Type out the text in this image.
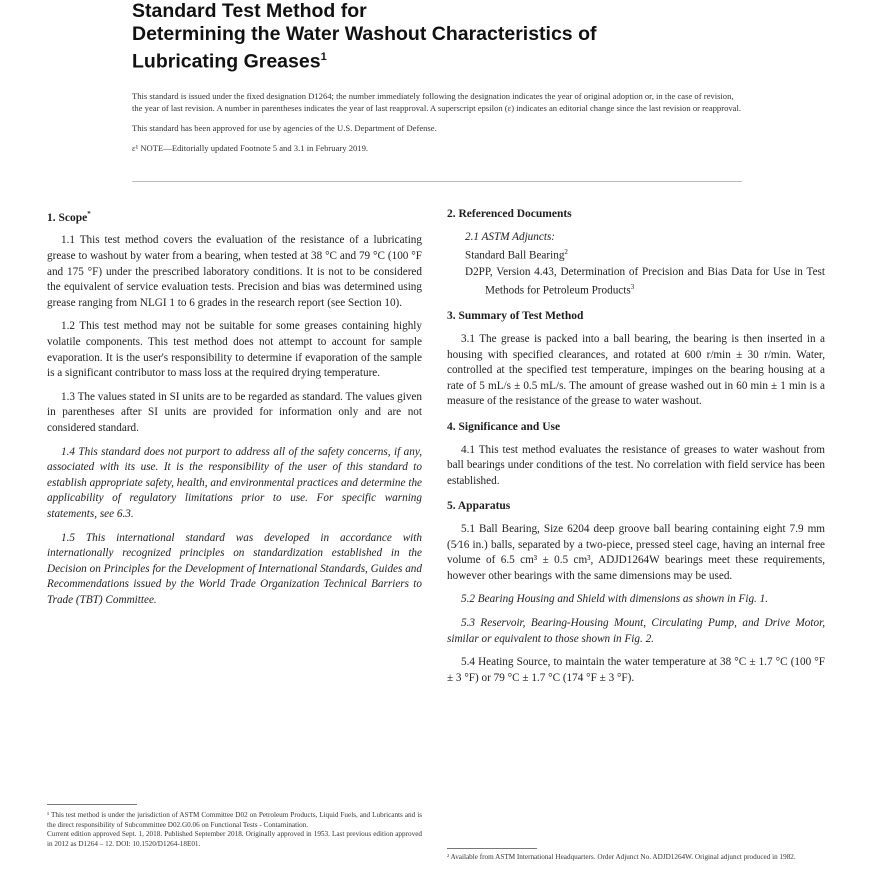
Standard Test Method for
Determining the Water Washout Characteristics of
Lubricating Greases$^1$

This standard is issued under the fixed designation D1264; the number immediately following the designation indicates the year of original adoption or, in the case of revision, the year of last revision. A number in parentheses indicates the year of last reapproval. A superscript epsilon (ε) indicates an editorial change since the last revision or reapproval.

This standard has been approved for use by agencies of the U.S. Department of Defense.

ε¹ NOTE—Editorially updated Footnote 5 and 3.1 in February 2019.

1. Scope*

1.1 This test method covers the evaluation of the resistance of a lubricating grease to washout by water from a bearing, when tested at 38 °C and 79 °C (100 °F and 175 °F) under the prescribed laboratory conditions. It is not to be considered the equivalent of service evaluation tests. Precision and bias was determined using grease ranging from NLGI 1 to 6 grades in the research report (see Section 10).

1.2 This test method may not be suitable for some greases containing highly volatile components. This test method does not attempt to account for sample evaporation. It is the user's responsibility to determine if evaporation of the sample is a significant contributor to mass loss at the required drying temperature.

1.3 The values stated in SI units are to be regarded as standard. The values given in parentheses after SI units are provided for information only and are not considered standard.

1.4 This standard does not purport to address all of the safety concerns, if any, associated with its use. It is the responsibility of the user of this standard to establish appropriate safety, health, and environmental practices and determine the applicability of regulatory limitations prior to use. For specific warning statements, see 6.3.

1.5 This international standard was developed in accordance with internationally recognized principles on standardization established in the Decision on Principles for the Development of International Standards, Guides and Recommendations issued by the World Trade Organization Technical Barriers to Trade (TBT) Committee.

¹ This test method is under the jurisdiction of ASTM Committee D02 on Petroleum Products, Liquid Fuels, and Lubricants and is the direct responsibility of Subcommittee D02.G0.06 on Functional Tests - Contamination.
Current edition approved Sept. 1, 2018. Published September 2018. Originally approved in 1953. Last previous edition approved in 2012 as D1264 – 12. DOI: 10.1520/D1264-18E01.
2. Referenced Documents

2.1 ASTM Adjuncts:

Standard Ball Bearing$^2$

D2PP, Version 4.43, Determination of Precision and Bias Data for Use in Test Methods for Petroleum Products$^3$

3. Summary of Test Method

3.1 The grease is packed into a ball bearing, the bearing is then inserted in a housing with specified clearances, and rotated at 600 r/min ± 30 r/min. Water, controlled at the specified test temperature, impinges on the bearing housing at a rate of 5 mL/s ± 0.5 mL/s. The amount of grease washed out in 60 min ± 1 min is a measure of the resistance of the grease to water washout.

4. Significance and Use

4.1 This test method evaluates the resistance of greases to water washout from ball bearings under conditions of the test. No correlation with field service has been established.

5. Apparatus

5.1 Ball Bearing, Size 6204 deep groove ball bearing containing eight 7.9 mm (5⁄16 in.) balls, separated by a two-piece, pressed steel cage, having an internal free volume of 6.5 cm³ ± 0.5 cm³, ADJD1264W bearings meet these requirements, however other bearings with the same dimensions may be used.

5.2 Bearing Housing and Shield with dimensions as shown in Fig. 1.

5.3 Reservoir, Bearing-Housing Mount, Circulating Pump, and Drive Motor, similar or equivalent to those shown in Fig. 2.

5.4 Heating Source, to maintain the water temperature at 38 °C ± 1.7 °C (100 °F ± 3 °F) or 79 °C ± 1.7 °C (174 °F ± 3 °F).

² Available from ASTM International Headquarters. Order Adjunct No. ADJD1264W. Original adjunct produced in 1982.
